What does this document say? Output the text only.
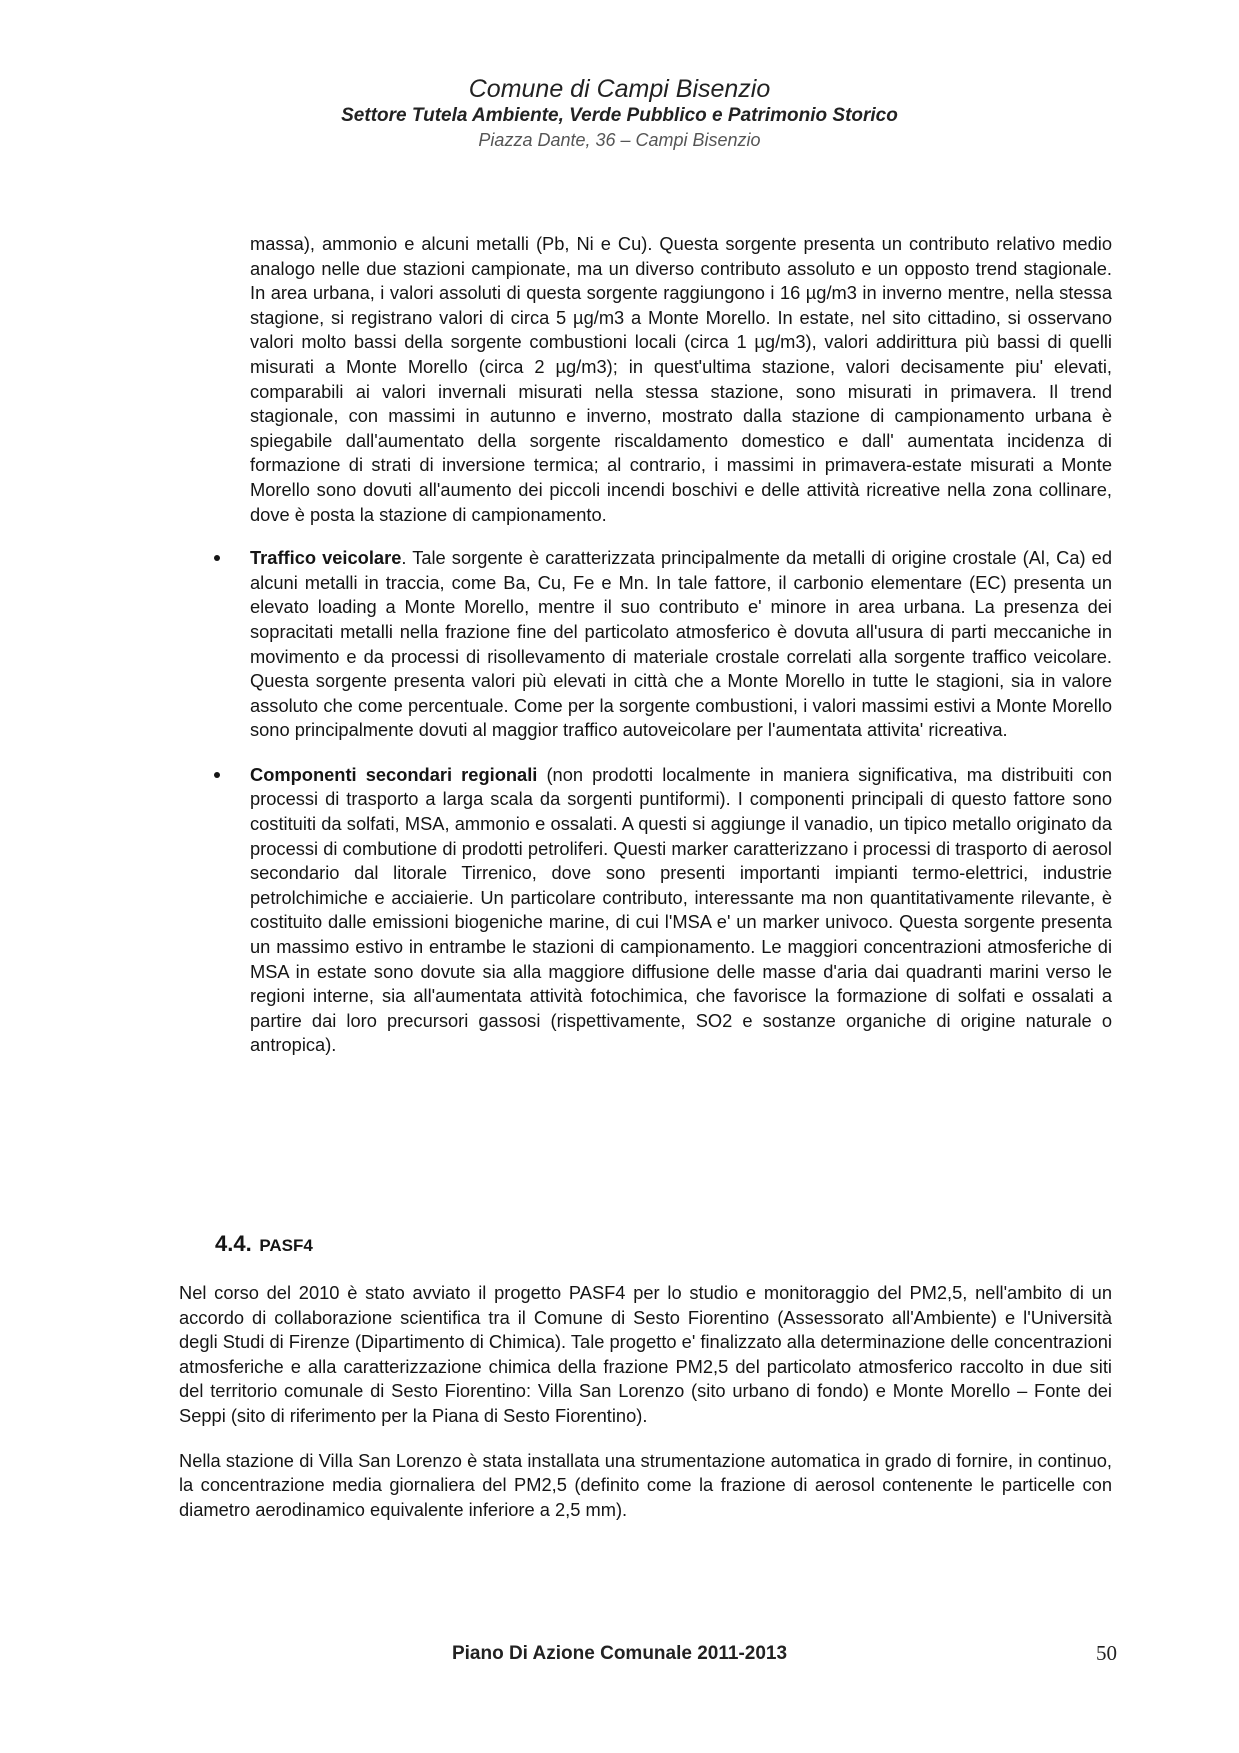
Comune di Campi Bisenzio
Settore Tutela Ambiente, Verde Pubblico e Patrimonio Storico
Piazza Dante, 36 – Campi Bisenzio

massa), ammonio e alcuni metalli (Pb, Ni e Cu). Questa sorgente presenta un contributo relativo medio analogo nelle due stazioni campionate, ma un diverso contributo assoluto e un opposto trend stagionale. In area urbana, i valori assoluti di questa sorgente raggiungono i 16 µg/m3 in inverno mentre, nella stessa stagione, si registrano valori di circa 5 µg/m3 a Monte Morello. In estate, nel sito cittadino, si osservano valori molto bassi della sorgente combustioni locali (circa 1 µg/m3), valori addirittura più bassi di quelli misurati a Monte Morello (circa 2 µg/m3); in quest'ultima stazione, valori decisamente piu' elevati, comparabili ai valori invernali misurati nella stessa stazione, sono misurati in primavera. Il trend stagionale, con massimi in autunno e inverno, mostrato dalla stazione di campionamento urbana è spiegabile dall'aumentato della sorgente riscaldamento domestico e dall' aumentata incidenza di formazione di strati di inversione termica; al contrario, i massimi in primavera-estate misurati a Monte Morello sono dovuti all'aumento dei piccoli incendi boschivi e delle attività ricreative nella zona collinare, dove è posta la stazione di campionamento.

Traffico veicolare. Tale sorgente è caratterizzata principalmente da metalli di origine crostale (Al, Ca) ed alcuni metalli in traccia, come Ba, Cu, Fe e Mn. In tale fattore, il carbonio elementare (EC) presenta un elevato loading a Monte Morello, mentre il suo contributo e' minore in area urbana. La presenza dei sopracitati metalli nella frazione fine del particolato atmosferico è dovuta all'usura di parti meccaniche in movimento e da processi di risollevamento di materiale crostale correlati alla sorgente traffico veicolare. Questa sorgente presenta valori più elevati in città che a Monte Morello in tutte le stagioni, sia in valore assoluto che come percentuale. Come per la sorgente combustioni, i valori massimi estivi a Monte Morello sono principalmente dovuti al maggior traffico autoveicolare per l'aumentata attivita' ricreativa.
Componenti secondari regionali (non prodotti localmente in maniera significativa, ma distribuiti con processi di trasporto a larga scala da sorgenti puntiformi). I componenti principali di questo fattore sono costituiti da solfati, MSA, ammonio e ossalati. A questi si aggiunge il vanadio, un tipico metallo originato da processi di combutione di prodotti petroliferi. Questi marker caratterizzano i processi di trasporto di aerosol secondario dal litorale Tirrenico, dove sono presenti importanti impianti termo-elettrici, industrie petrolchimiche e acciaierie. Un particolare contributo, interessante ma non quantitativamente rilevante, è costituito dalle emissioni biogeniche marine, di cui l'MSA e' un marker univoco. Questa sorgente presenta un massimo estivo in entrambe le stazioni di campionamento. Le maggiori concentrazioni atmosferiche di MSA in estate sono dovute sia alla maggiore diffusione delle masse d'aria dai quadranti marini verso le regioni interne, sia all'aumentata attività fotochimica, che favorisce la formazione di solfati e ossalati a partire dai loro precursori gassosi (rispettivamente, SO2 e sostanze organiche di origine naturale o antropica).
4.4. PASF4

Nel corso del 2010 è stato avviato il progetto PASF4 per lo studio e monitoraggio del PM2,5, nell'ambito di un accordo di collaborazione scientifica tra il Comune di Sesto Fiorentino (Assessorato all'Ambiente) e l'Università degli Studi di Firenze (Dipartimento di Chimica). Tale progetto e' finalizzato alla determinazione delle concentrazioni atmosferiche e alla caratterizzazione chimica della frazione PM2,5 del particolato atmosferico raccolto in due siti del territorio comunale di Sesto Fiorentino: Villa San Lorenzo (sito urbano di fondo) e Monte Morello – Fonte dei Seppi (sito di riferimento per la Piana di Sesto Fiorentino).

Nella stazione di Villa San Lorenzo è stata installata una strumentazione automatica in grado di fornire, in continuo, la concentrazione media giornaliera del PM2,5 (definito come la frazione di aerosol contenente le particelle con diametro aerodinamico equivalente inferiore a 2,5 mm).

Piano Di Azione Comunale 2011-2013	50
